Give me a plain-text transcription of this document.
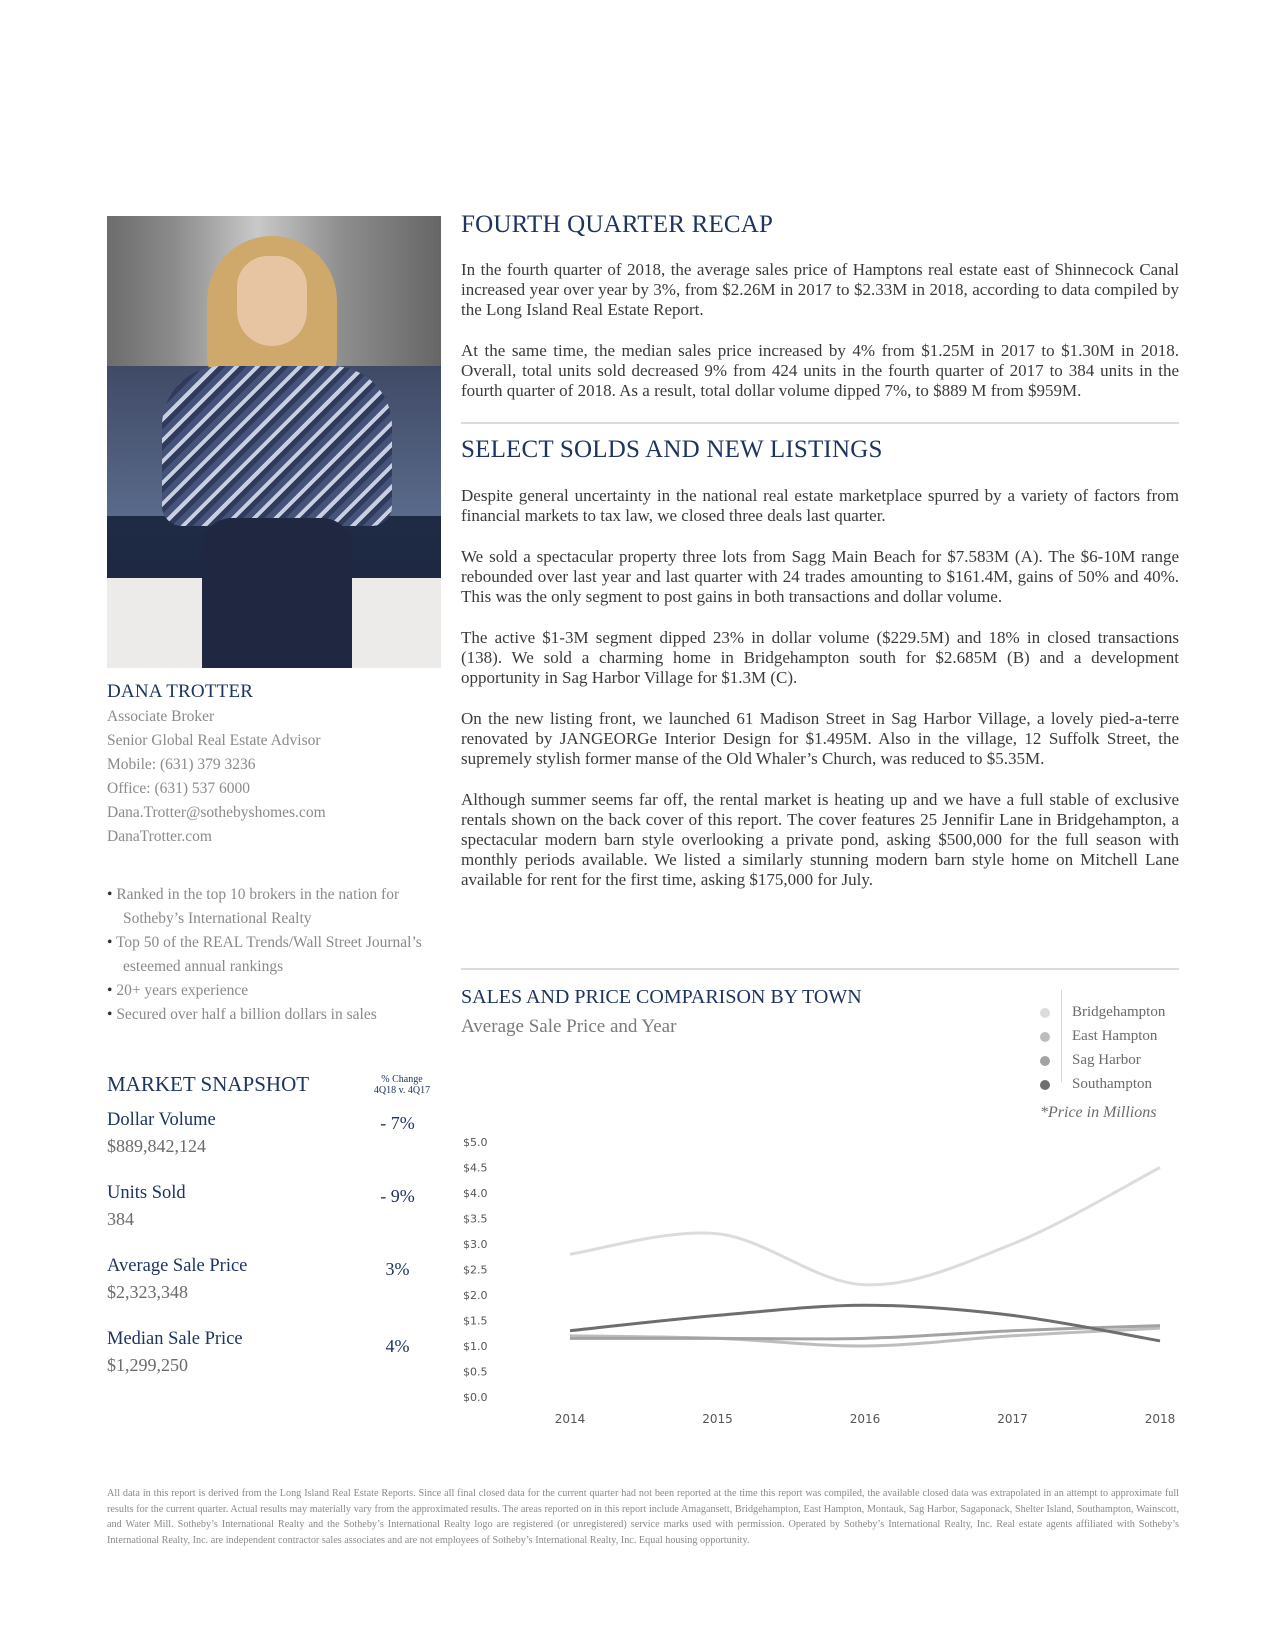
DANA TROTTER
Associate Broker
Senior Global Real Estate Advisor
Mobile: (631) 379 3236
Office: (631) 537 6000
Dana.Trotter@sothebyshomes.com
DanaTrotter.com
• Ranked in the top 10 brokers in the nation for Sotheby’s International Realty
• Top 50 of the REAL Trends/Wall Street Journal’s esteemed annual rankings
• 20+ years experience
• Secured over half a billion dollars in sales
MARKET SNAPSHOT	% Change
4Q18 v. 4Q17
Dollar Volume
$889,842,124
- 7%
Units Sold
384
- 9%
Average Sale Price
$2,323,348
3%
Median Sale Price
$1,299,250
4%
FOURTH QUARTER RECAP

In the fourth quarter of 2018, the average sales price of Hamptons real estate east of Shinnecock Canal increased year over year by 3%, from $2.26M in 2017 to $2.33M in 2018, according to data compiled by the Long Island Real Estate Report.

At the same time, the median sales price increased by 4% from $1.25M in 2017 to $1.30M in 2018. Overall, total units sold decreased 9% from 424 units in the fourth quarter of 2017 to 384 units in the fourth quarter of 2018. As a result, total dollar volume dipped 7%, to $889 M from $959M.

SELECT SOLDS AND NEW LISTINGS

Despite general uncertainty in the national real estate marketplace spurred by a variety of factors from financial markets to tax law, we closed three deals last quarter.

We sold a spectacular property three lots from Sagg Main Beach for $7.583M (A). The $6-10M range rebounded over last year and last quarter with 24 trades amounting to $161.4M, gains of 50% and 40%. This was the only segment to post gains in both transactions and dollar volume.

The active $1-3M segment dipped 23% in dollar volume ($229.5M) and 18% in closed transactions (138). We sold a charming home in Bridgehampton south for $2.685M (B) and a development opportunity in Sag Harbor Village for $1.3M (C).

On the new listing front, we launched 61 Madison Street in Sag Harbor Village, a lovely pied-a-terre renovated by JANGEORGe Interior Design for $1.495M. Also in the village, 12 Suffolk Street, the supremely stylish former manse of the Old Whaler’s Church, was reduced to $5.35M.

Although summer seems far off, the rental market is heating up and we have a full stable of exclusive rentals shown on the back cover of this report. The cover features 25 Jennifir Lane in Bridgehampton, a spectacular modern barn style overlooking a private pond, asking $500,000 for the full season with monthly periods available. We listed a similarly stunning modern barn style home on Mitchell Lane available for rent for the first time, asking $175,000 for July.

SALES AND PRICE COMPARISON BY TOWN
Average Sale Price and Year
Bridgehampton
East Hampton
Sag Harbor
Southampton
*Price in Millions
$0.0
$0.5
$1.0
$1.5
$2.0
$2.5
$3.0
$3.5
$4.0
$4.5
$5.0
2014	2015	2016	2017	2018

All data in this report is derived from the Long Island Real Estate Reports. Since all final closed data for the current quarter had not been reported at the time this report was compiled, the available closed data was extrapolated in an attempt to approximate full results for the current quarter. Actual results may materially vary from the approximated results. The areas reported on in this report include Amagansett, Bridgehampton, East Hampton, Montauk, Sag Harbor, Sagaponack, Shelter Island, Southampton, Wainscott, and Water Mill. Sotheby’s International Realty and the Sotheby’s International Realty logo are registered (or unregistered) service marks used with permission. Operated by Sotheby’s International Realty, Inc. Real estate agents affiliated with Sotheby’s International Realty, Inc. are independent contractor sales associates and are not employees of Sotheby’s International Realty, Inc. Equal housing opportunity.
